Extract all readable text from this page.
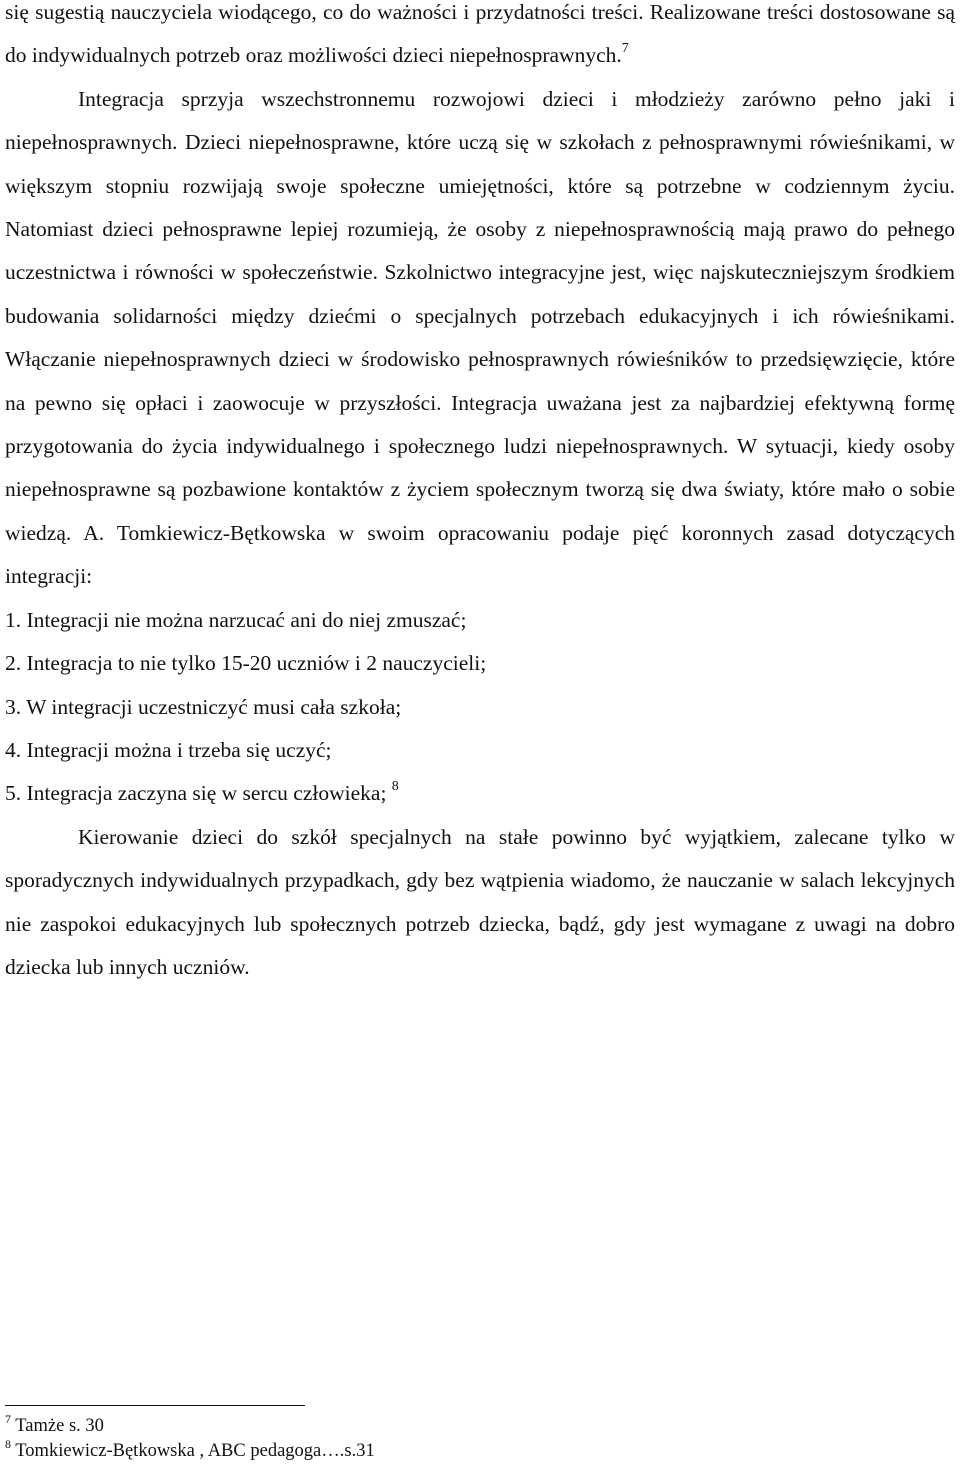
się sugestią nauczyciela wiodącego, co do ważności i przydatności treści. Realizowane treści dostosowane są do indywidualnych potrzeb oraz możliwości dzieci niepełnosprawnych.$^7$

Integracja sprzyja wszechstronnemu rozwojowi dzieci i młodzieży zarówno pełno jaki i niepełnosprawnych. Dzieci niepełnosprawne, które uczą się w szkołach z pełnosprawnymi rówieśnikami, w większym stopniu rozwijają swoje społeczne umiejętności, które są potrzebne w codziennym życiu. Natomiast dzieci pełnosprawne lepiej rozumieją, że osoby z niepełnosprawnością mają prawo do pełnego uczestnictwa i równości w społeczeństwie. Szkolnictwo integracyjne jest, więc najskuteczniejszym środkiem budowania solidarności między dziećmi o specjalnych potrzebach edukacyjnych i ich rówieśnikami. Włączanie niepełnosprawnych dzieci w środowisko pełnosprawnych rówieśników to przedsięwzięcie, które na pewno się opłaci i zaowocuje w przyszłości. Integracja uważana jest za najbardziej efektywną formę przygotowania do życia indywidualnego i społecznego ludzi niepełnosprawnych. W sytuacji, kiedy osoby niepełnosprawne są pozbawione kontaktów z życiem społecznym tworzą się dwa światy, które mało o sobie wiedzą. A. Tomkiewicz-Bętkowska w swoim opracowaniu podaje pięć koronnych zasad dotyczących integracji:

1. Integracji nie można narzucać ani do niej zmuszać;

2. Integracja to nie tylko 15-20 uczniów i 2 nauczycieli;

3. W integracji uczestniczyć musi cała szkoła;

4. Integracji można i trzeba się uczyć;

5. Integracja zaczyna się w sercu człowieka; $^8$

Kierowanie dzieci do szkół specjalnych na stałe powinno być wyjątkiem, zalecane tylko w sporadycznych indywidualnych przypadkach, gdy bez wątpienia wiadomo, że nauczanie w salach lekcyjnych nie zaspokoi edukacyjnych lub społecznych potrzeb dziecka, bądź, gdy jest wymagane z uwagi na dobro dziecka lub innych uczniów.

$^7$ Tamże s. 30

$^8$ Tomkiewicz-Bętkowska , ABC pedagoga….s.31
